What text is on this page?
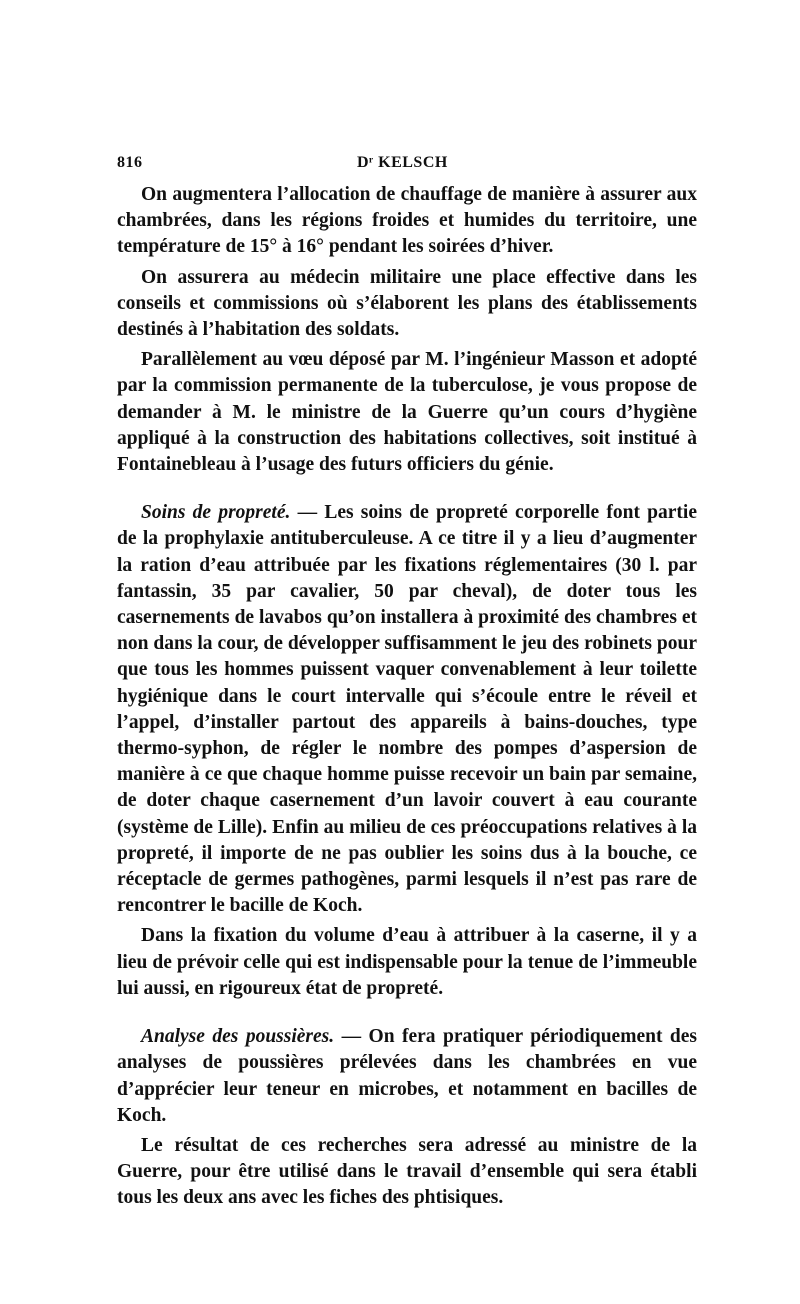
816	Dʳ KELSCH

On augmentera l’allocation de chauffage de manière à assurer aux chambrées, dans les régions froides et humides du territoire, une température de 15° à 16° pendant les soirées d’hiver.

On assurera au médecin militaire une place effective dans les conseils et commissions où s’élaborent les plans des établissements destinés à l’habitation des soldats.

Parallèlement au vœu déposé par M. l’ingénieur Masson et adopté par la commission permanente de la tuberculose, je vous propose de demander à M. le ministre de la Guerre qu’un cours d’hygiène appliqué à la construction des habitations collectives, soit institué à Fontainebleau à l’usage des futurs officiers du génie.

Soins de propreté. — Les soins de propreté corporelle font partie de la prophylaxie antituberculeuse. A ce titre il y a lieu d’augmenter la ration d’eau attribuée par les fixations réglementaires (30 l. par fantassin, 35 par cavalier, 50 par cheval), de doter tous les casernements de lavabos qu’on installera à proximité des chambres et non dans la cour, de développer suffisamment le jeu des robinets pour que tous les hommes puissent vaquer convenablement à leur toilette hygiénique dans le court intervalle qui s’écoule entre le réveil et l’appel, d’installer partout des appareils à bains-douches, type thermo-syphon, de régler le nombre des pompes d’aspersion de manière à ce que chaque homme puisse recevoir un bain par semaine, de doter chaque casernement d’un lavoir couvert à eau courante (système de Lille). Enfin au milieu de ces préoccupations relatives à la propreté, il importe de ne pas oublier les soins dus à la bouche, ce réceptacle de germes pathogènes, parmi lesquels il n’est pas rare de rencontrer le bacille de Koch.

Dans la fixation du volume d’eau à attribuer à la caserne, il y a lieu de prévoir celle qui est indispensable pour la tenue de l’immeuble lui aussi, en rigoureux état de propreté.

Analyse des poussières. — On fera pratiquer périodiquement des analyses de poussières prélevées dans les chambrées en vue d’apprécier leur teneur en microbes, et notamment en bacilles de Koch.

Le résultat de ces recherches sera adressé au ministre de la Guerre, pour être utilisé dans le travail d’ensemble qui sera établi tous les deux ans avec les fiches des phtisiques.
